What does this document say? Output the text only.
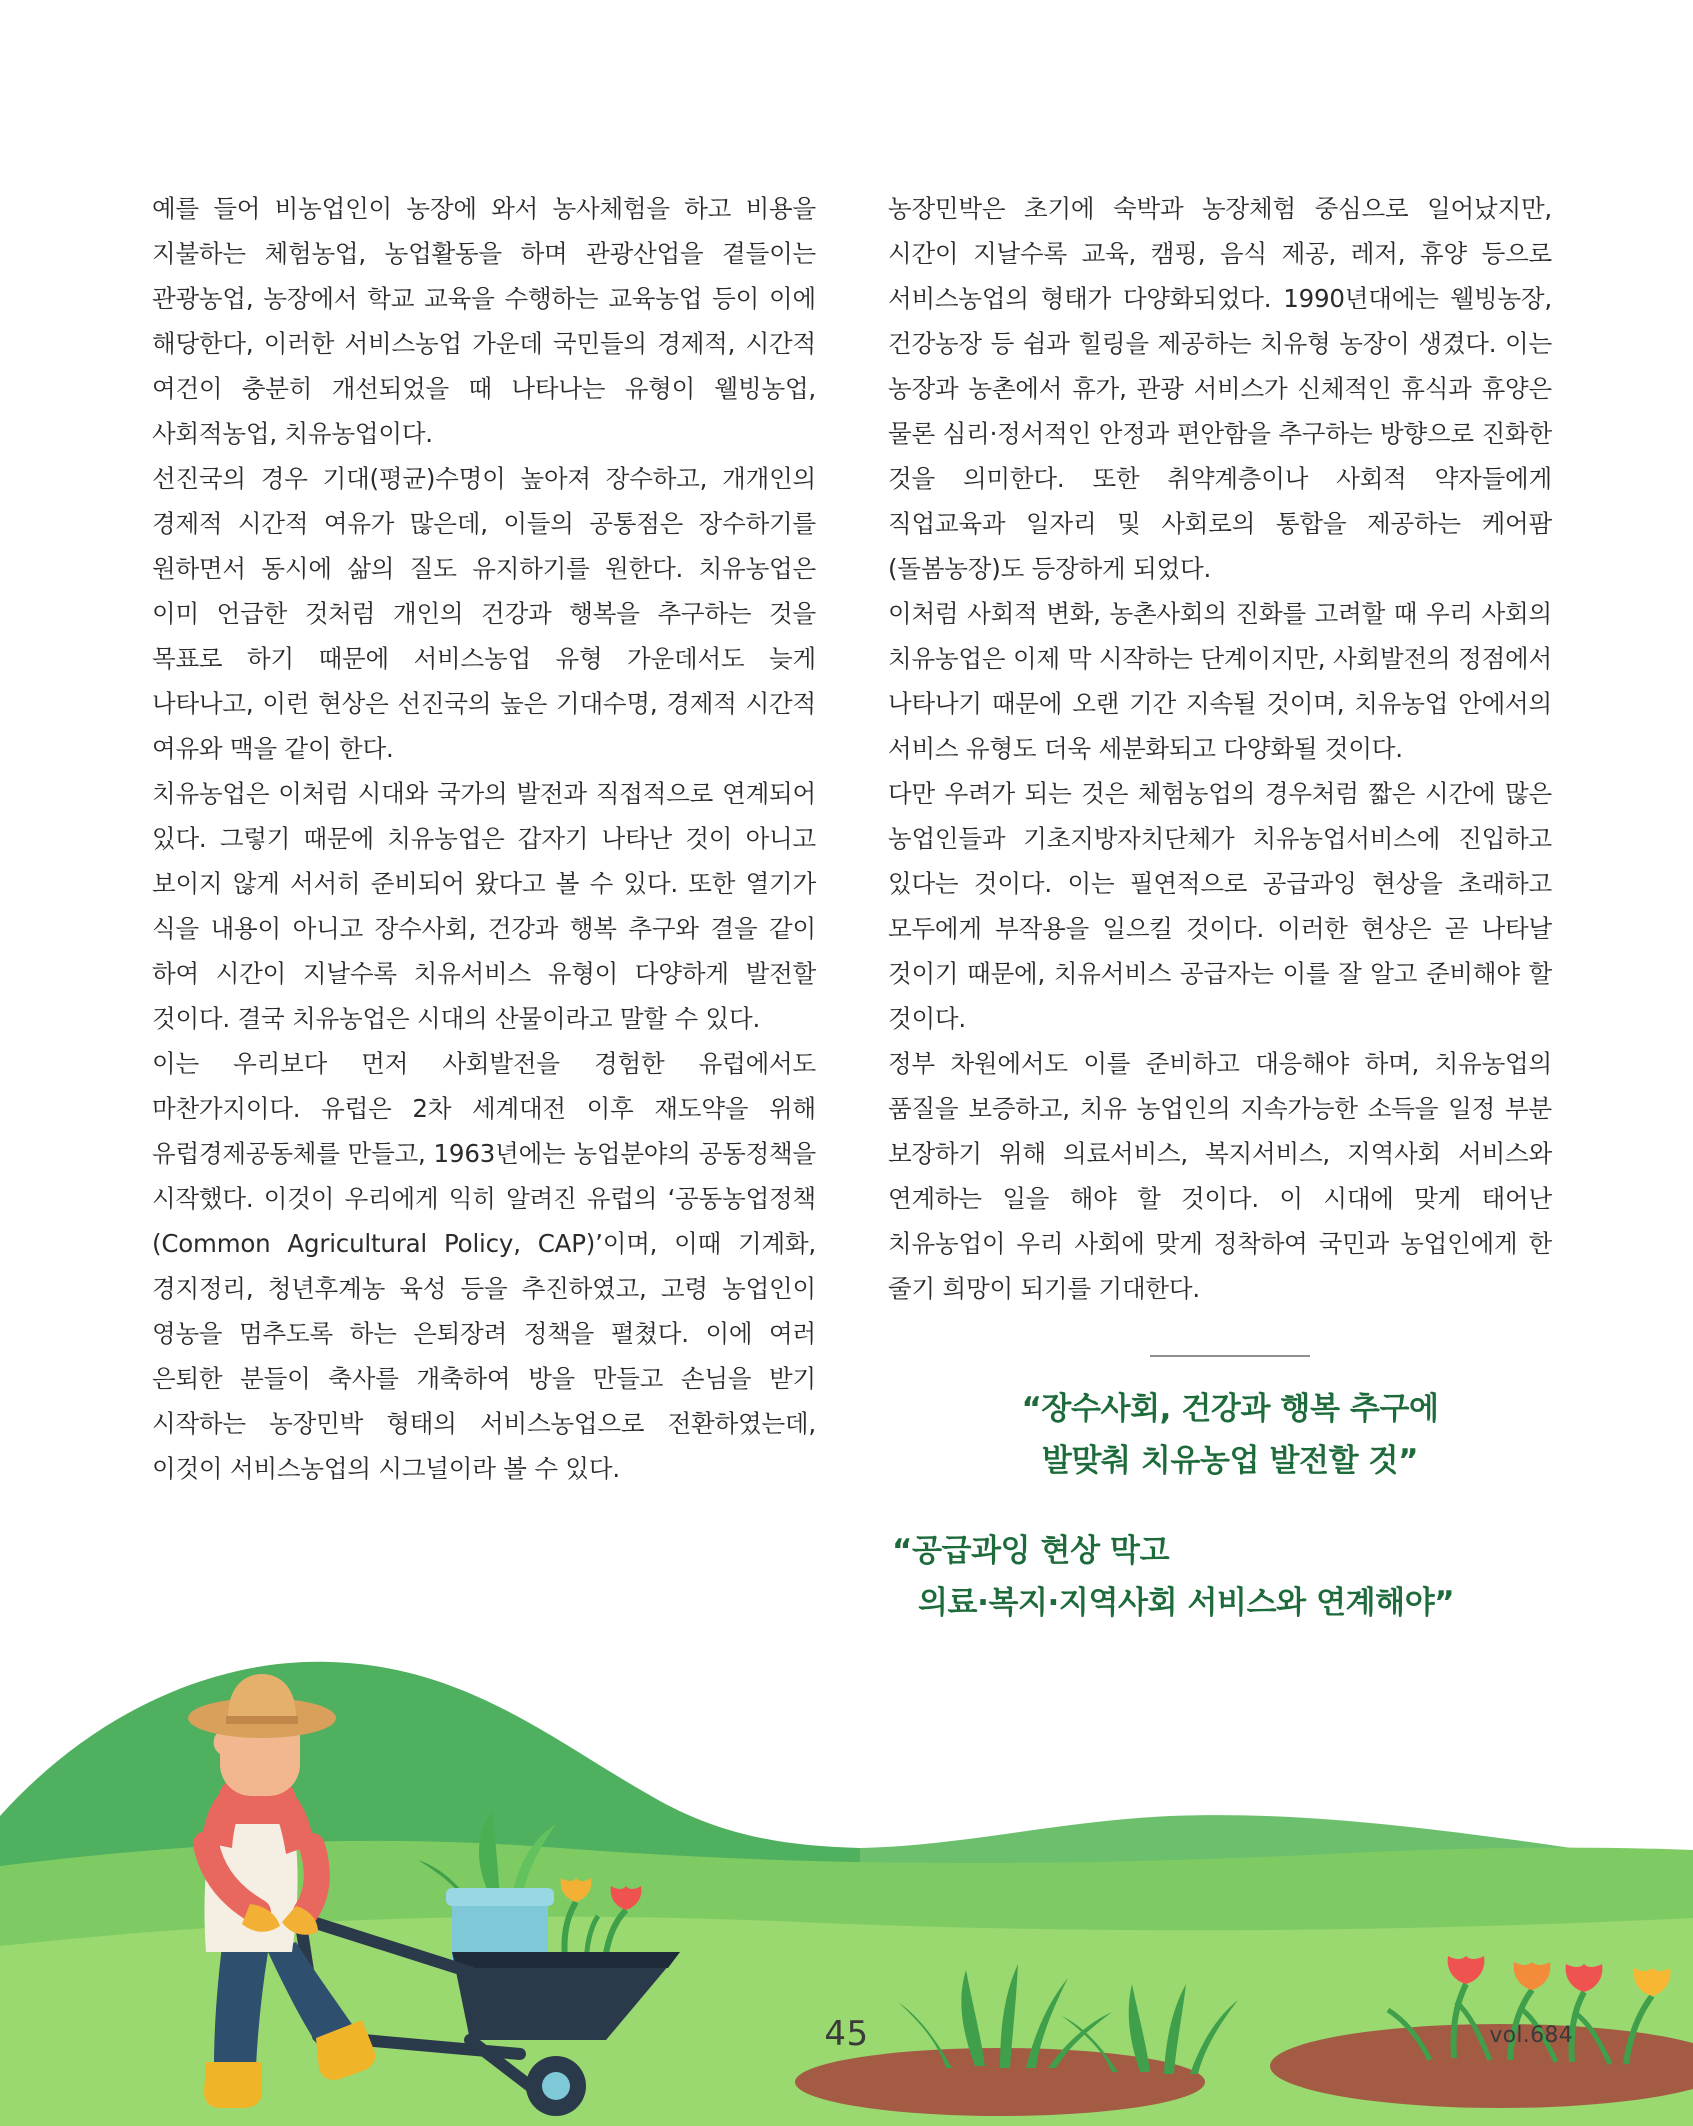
예를 들어 비농업인이 농장에 와서 농사체험을 하고 비용을 지불하는 체험농업, 농업활동을 하며 관광산업을 곁들이는 관광농업, 농장에서 학교 교육을 수행하는 교육농업 등이 이에 해당한다, 이러한 서비스농업 가운데 국민들의 경제적, 시간적 여건이 충분히 개선되었을 때 나타나는 유형이 웰빙농업, 사회적농업, 치유농업이다.

선진국의 경우 기대(평균)수명이 높아져 장수하고, 개개인의 경제적 시간적 여유가 많은데, 이들의 공통점은 장수하기를 원하면서 동시에 삶의 질도 유지하기를 원한다. 치유농업은 이미 언급한 것처럼 개인의 건강과 행복을 추구하는 것을 목표로 하기 때문에 서비스농업 유형 가운데서도 늦게 나타나고, 이런 현상은 선진국의 높은 기대수명, 경제적 시간적 여유와 맥을 같이 한다.

치유농업은 이처럼 시대와 국가의 발전과 직접적으로 연계되어 있다. 그렇기 때문에 치유농업은 갑자기 나타난 것이 아니고 보이지 않게 서서히 준비되어 왔다고 볼 수 있다. 또한 열기가 식을 내용이 아니고 장수사회, 건강과 행복 추구와 결을 같이 하여 시간이 지날수록 치유서비스 유형이 다양하게 발전할 것이다. 결국 치유농업은 시대의 산물이라고 말할 수 있다.

이는 우리보다 먼저 사회발전을 경험한 유럽에서도 마찬가지이다. 유럽은 2차 세계대전 이후 재도약을 위해 유럽경제공동체를 만들고, 1963년에는 농업분야의 공동정책을 시작했다. 이것이 우리에게 익히 알려진 유럽의 ‘공동농업정책(Common Agricultural Policy, CAP)’이며, 이때 기계화, 경지정리, 청년후계농 육성 등을 추진하였고, 고령 농업인이 영농을 멈추도록 하는 은퇴장려 정책을 펼쳤다. 이에 여러 은퇴한 분들이 축사를 개축하여 방을 만들고 손님을 받기 시작하는 농장민박 형태의 서비스농업으로 전환하였는데, 이것이 서비스농업의 시그널이라 볼 수 있다.

농장민박은 초기에 숙박과 농장체험 중심으로 일어났지만, 시간이 지날수록 교육, 캠핑, 음식 제공, 레저, 휴양 등으로 서비스농업의 형태가 다양화되었다. 1990년대에는 웰빙농장, 건강농장 등 쉼과 힐링을 제공하는 치유형 농장이 생겼다. 이는 농장과 농촌에서 휴가, 관광 서비스가 신체적인 휴식과 휴양은 물론 심리·정서적인 안정과 편안함을 추구하는 방향으로 진화한 것을 의미한다. 또한 취약계층이나 사회적 약자들에게 직업교육과 일자리 및 사회로의 통합을 제공하는 케어팜(돌봄농장)도 등장하게 되었다.

이처럼 사회적 변화, 농촌사회의 진화를 고려할 때 우리 사회의 치유농업은 이제 막 시작하는 단계이지만, 사회발전의 정점에서 나타나기 때문에 오랜 기간 지속될 것이며, 치유농업 안에서의 서비스 유형도 더욱 세분화되고 다양화될 것이다.

다만 우려가 되는 것은 체험농업의 경우처럼 짧은 시간에 많은 농업인들과 기초지방자치단체가 치유농업서비스에 진입하고 있다는 것이다. 이는 필연적으로 공급과잉 현상을 초래하고 모두에게 부작용을 일으킬 것이다. 이러한 현상은 곧 나타날 것이기 때문에, 치유서비스 공급자는 이를 잘 알고 준비해야 할 것이다.

정부 차원에서도 이를 준비하고 대응해야 하며, 치유농업의 품질을 보증하고, 치유 농업인의 지속가능한 소득을 일정 부분 보장하기 위해 의료서비스, 복지서비스, 지역사회 서비스와 연계하는 일을 해야 할 것이다. 이 시대에 맞게 태어난 치유농업이 우리 사회에 맞게 정착하여 국민과 농업인에게 한 줄기 희망이 되기를 기대한다.

“장수사회, 건강과 행복 추구에
발맞춰 치유농업 발전할 것”
“공급과잉 현상 막고
의료·복지·지역사회 서비스와 연계해야”
45	vol.684
